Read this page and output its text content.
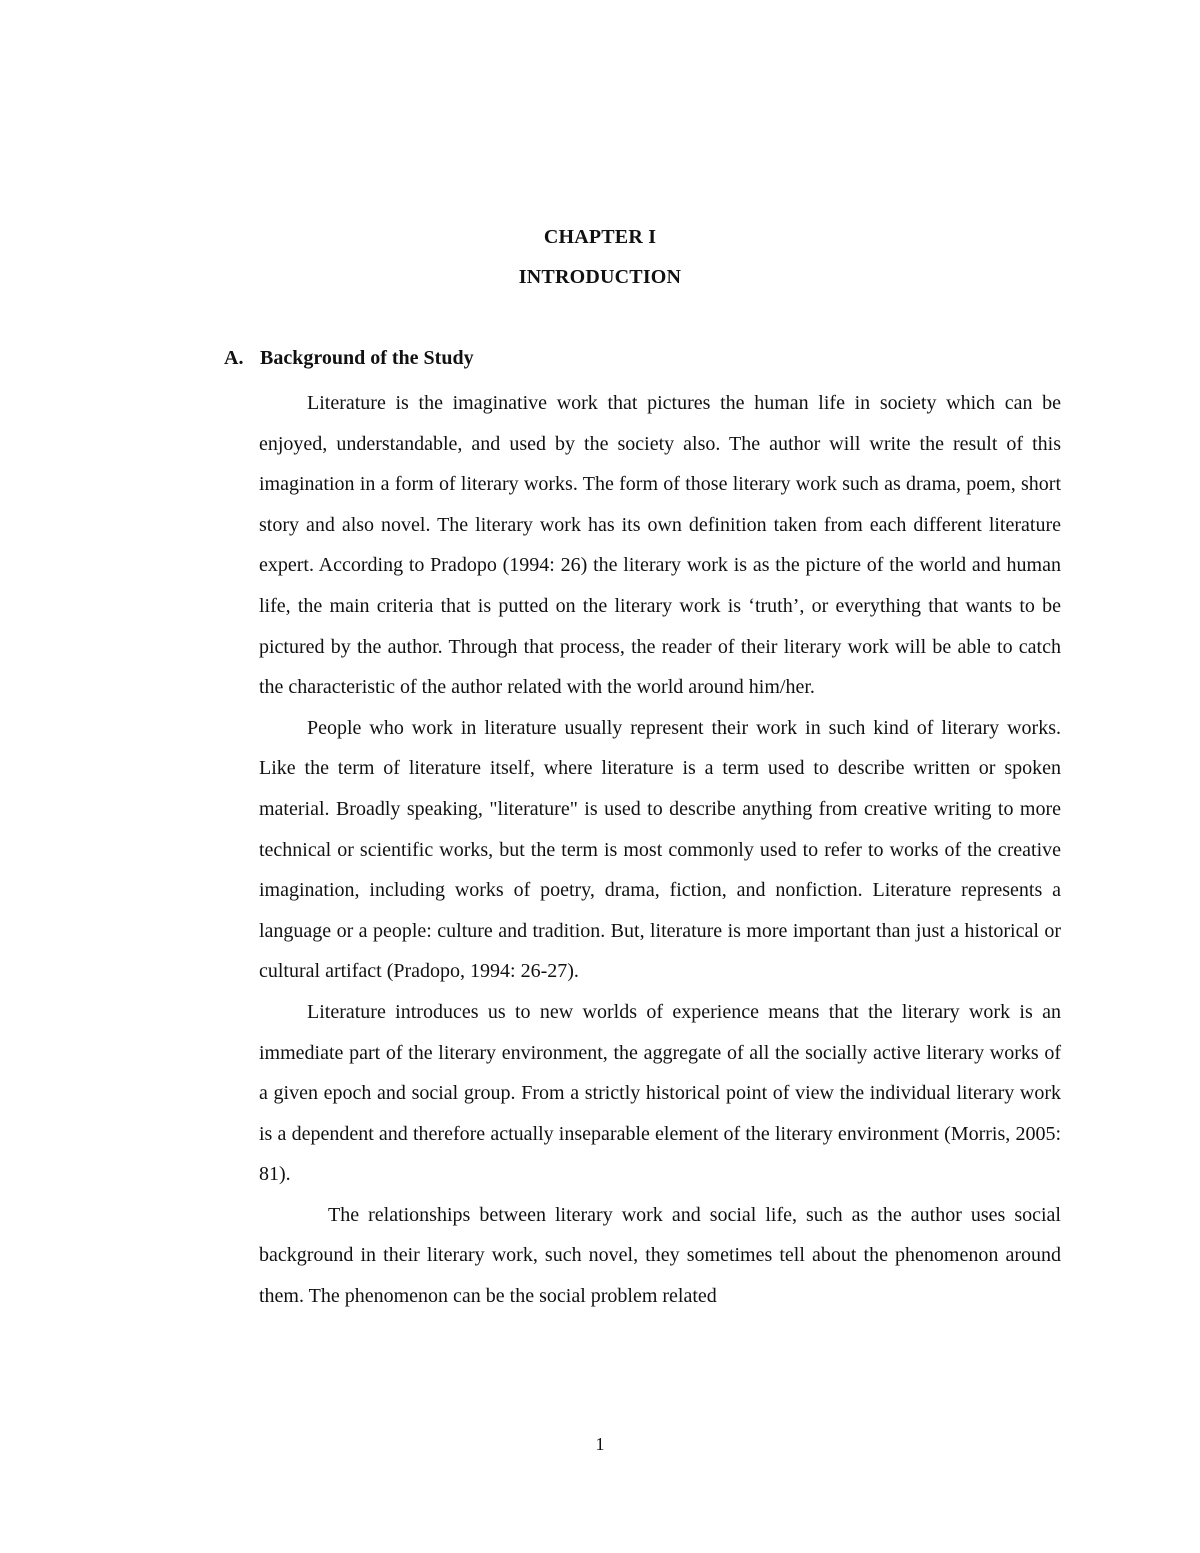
CHAPTER I
INTRODUCTION
A. Background of the Study

Literature is the imaginative work that pictures the human life in society which can be enjoyed, understandable, and used by the society also. The author will write the result of this imagination in a form of literary works. The form of those literary work such as drama, poem, short story and also novel. The literary work has its own definition taken from each different literature expert. According to Pradopo (1994: 26) the literary work is as the picture of the world and human life, the main criteria that is putted on the literary work is ‘truth’, or everything that wants to be pictured by the author. Through that process, the reader of their literary work will be able to catch the characteristic of the author related with the world around him/her.

People who work in literature usually represent their work in such kind of literary works. Like the term of literature itself, where literature is a term used to describe written or spoken material. Broadly speaking, "literature" is used to describe anything from creative writing to more technical or scientific works, but the term is most commonly used to refer to works of the creative imagination, including works of poetry, drama, fiction, and nonfiction. Literature represents a language or a people: culture and tradition. But, literature is more important than just a historical or cultural artifact (Pradopo, 1994: 26-27).

Literature introduces us to new worlds of experience means that the literary work is an immediate part of the literary environment, the aggregate of all the socially active literary works of a given epoch and social group. From a strictly historical point of view the individual literary work is a dependent and therefore actually inseparable element of the literary environment (Morris, 2005: 81).

The relationships between literary work and social life, such as the author uses social background in their literary work, such novel, they sometimes tell about the phenomenon around them. The phenomenon can be the social problem related

1
